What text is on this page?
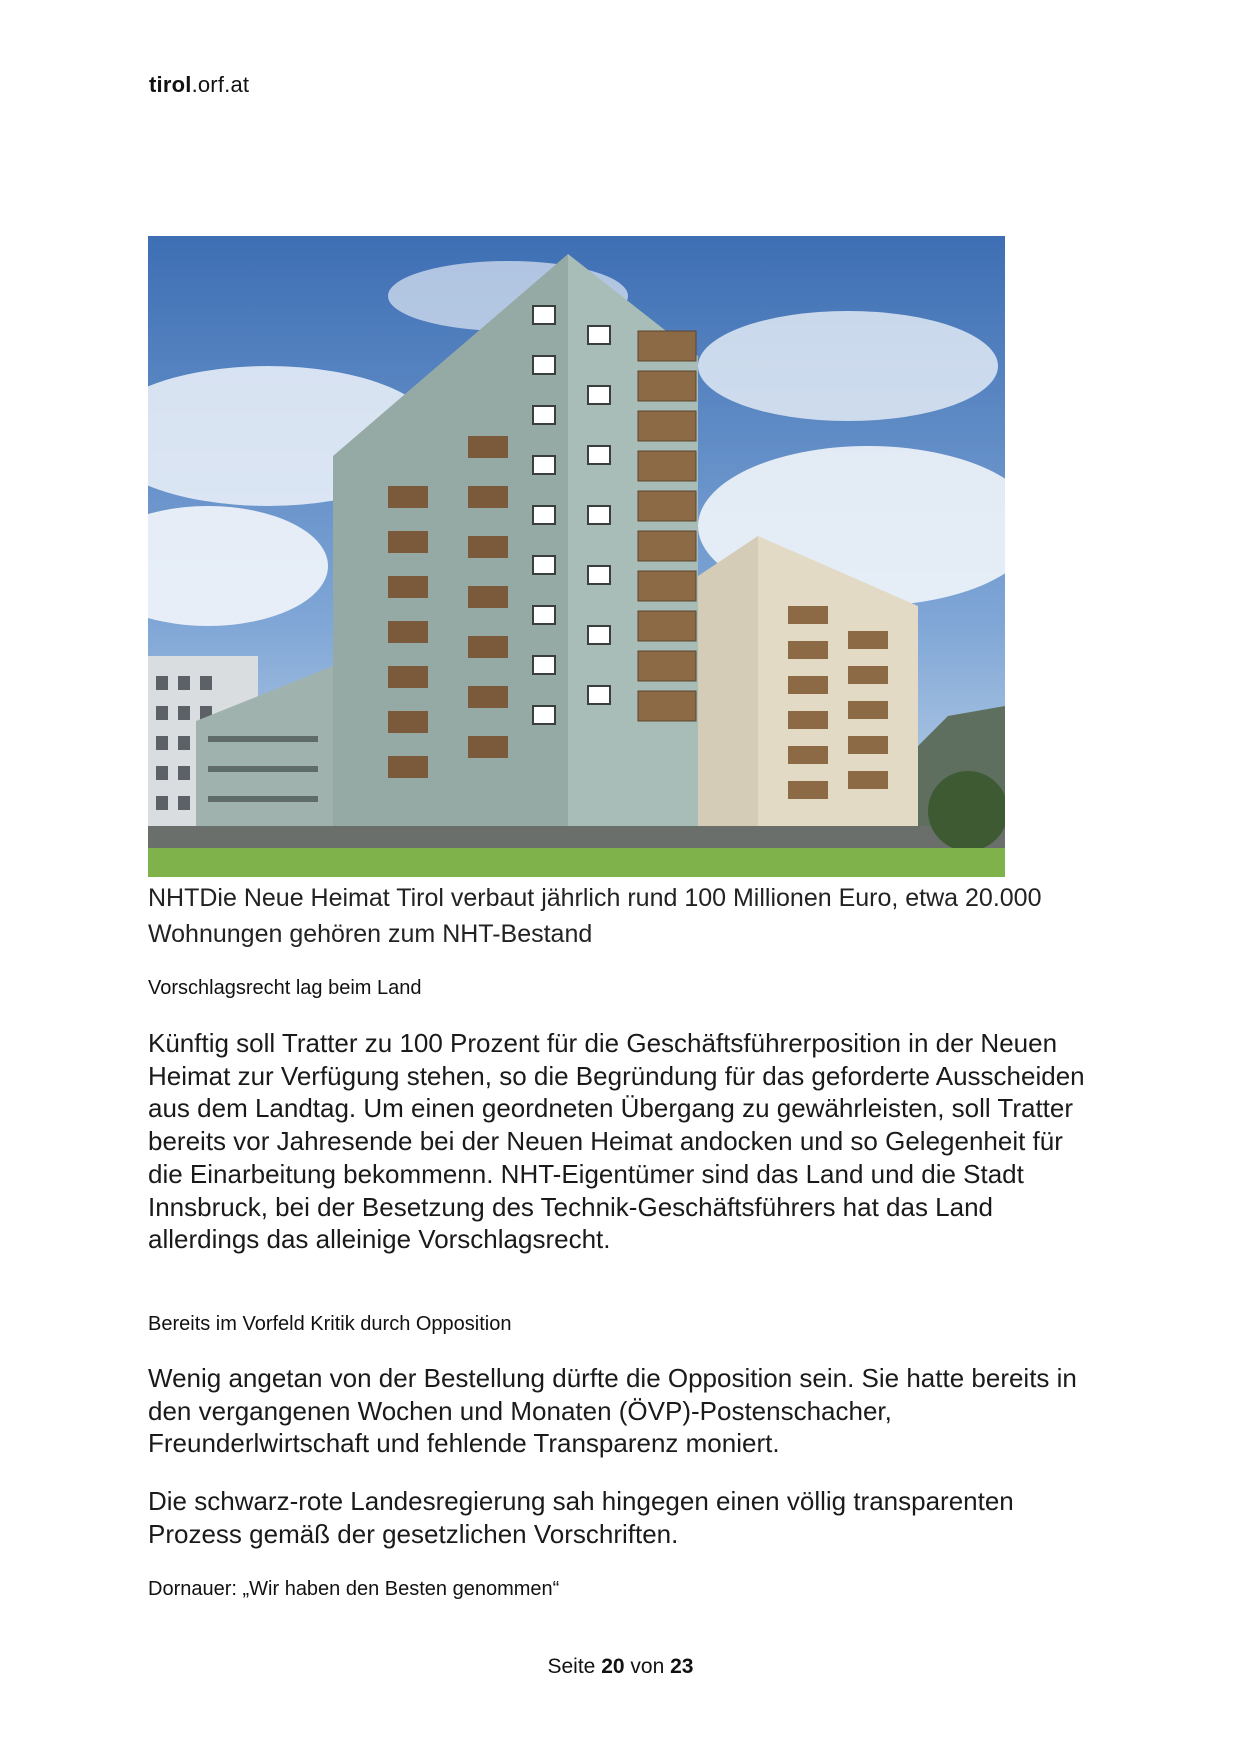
tirol.orf.at
NHTDie Neue Heimat Tirol verbaut jährlich rund 100 Millionen Euro, etwa 20.000 Wohnungen gehören zum NHT-Bestand
Vorschlagsrecht lag beim Land
Künftig soll Tratter zu 100 Prozent für die Geschäftsführerposition in der Neuen Heimat zur Verfügung stehen, so die Begründung für das geforderte Ausscheiden aus dem Landtag. Um einen geordneten Übergang zu gewährleisten, soll Tratter bereits vor Jahresende bei der Neuen Heimat andocken und so Gelegenheit für die Einarbeitung bekommenn. NHT-Eigentümer sind das Land und die Stadt Innsbruck, bei der Besetzung des Technik-Geschäftsführers hat das Land allerdings das alleinige Vorschlagsrecht.
Bereits im Vorfeld Kritik durch Opposition
Wenig angetan von der Bestellung dürfte die Opposition sein. Sie hatte bereits in den vergangenen Wochen und Monaten (ÖVP)-Postenschacher, Freunderlwirtschaft und fehlende Transparenz moniert.
Die schwarz-rote Landesregierung sah hingegen einen völlig transparenten Prozess gemäß der gesetzlichen Vorschriften.
Dornauer: „Wir haben den Besten genommen“
Seite 20 von 23
